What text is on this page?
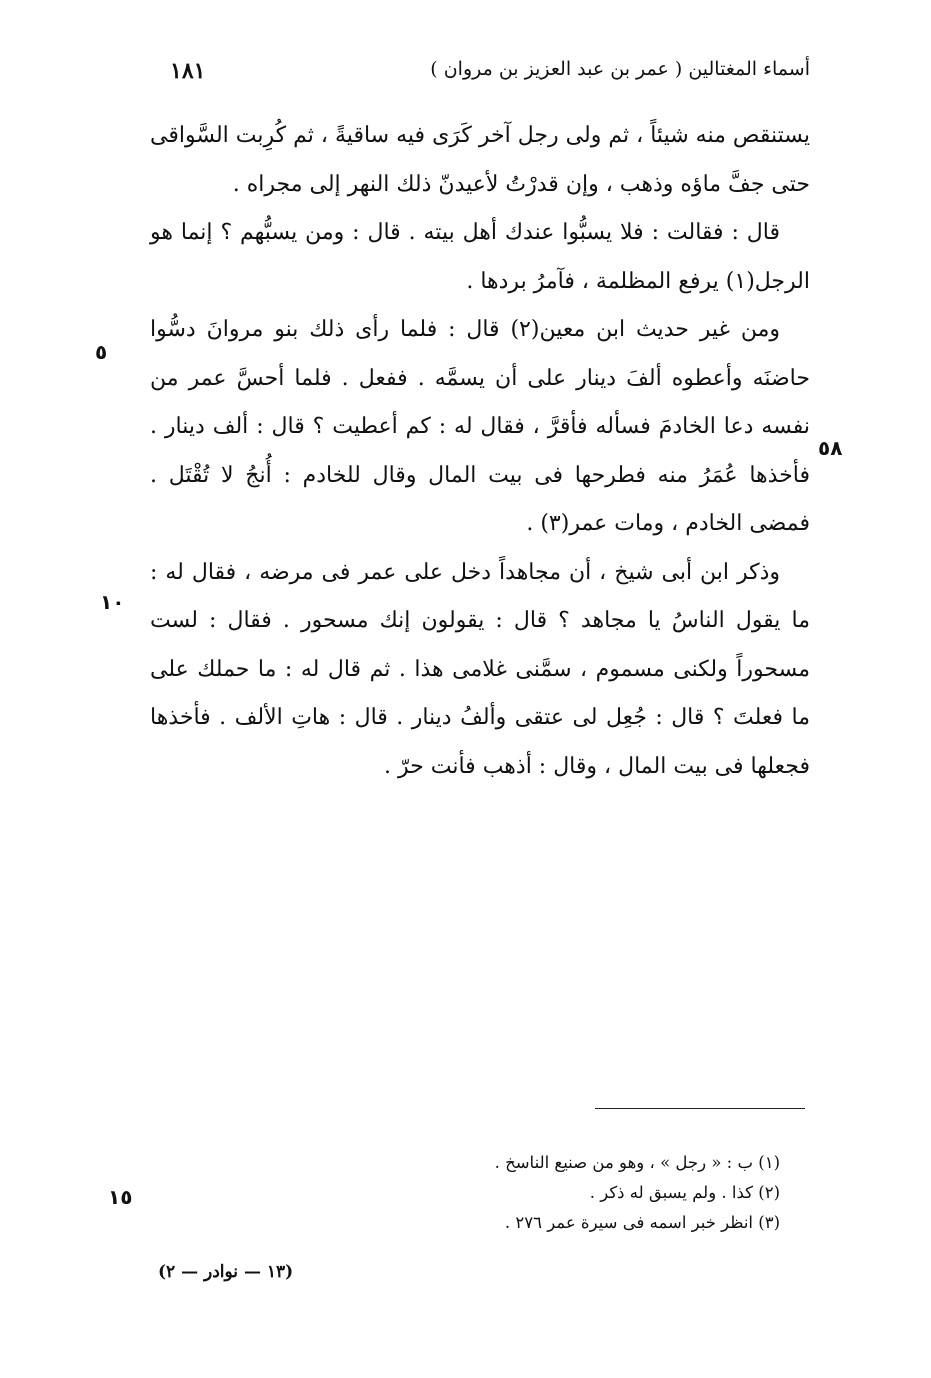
أسماء المغتالين ( عمر بن عبد العزيز بن مروان )
١٨١

يستنقص منه شيئاً ، ثم ولى رجل آخر كَرَى فيه ساقيةً ، ثم كُرِبت السَّواقى حتى جفَّ ماؤه وذهب ، وإن قدرْتُ لأعيدنّ ذلك النهر إلى مجراه .

قال : فقالت : فلا يسبُّوا عندك أهل بيته . قال : ومن يسبُّهم ؟ إنما هو الرجل(١) يرفع المظلمة ، فآمرُ بردها .

ومن غير حديث ابن معين(٢) قال : فلما رأى ذلك بنو مروانَ دسُّوا حاضنَه وأعطوه ألفَ دينار على أن يسمَّه . ففعل . فلما أحسَّ عمر من نفسه دعا الخادمَ فسأله فأقرَّ ، فقال له : كم أعطيت ؟ قال : ألف دينار . فأخذها عُمَرُ منه فطرحها فى بيت المال وقال للخادم : أُنجُ لا تُقْتَل . فمضى الخادم ، ومات عمر(٣) .

وذكر ابن أبى شيخ ، أن مجاهداً دخل على عمر فى مرضه ، فقال له : ما يقول الناسُ يا مجاهد ؟ قال : يقولون إنك مسحور . فقال : لست مسحوراً ولكنى مسموم ، سمَّنى غلامى هذا . ثم قال له : ما حملك على ما فعلتَ ؟ قال : جُعِل لى عتقى وألفُ دينار . قال : هاتِ الألف . فأخذها فجعلها فى بيت المال ، وقال : أذهب فأنت حرّ .

٥
٥٨
١٠
١٥
(١) ب : « رجل » ، وهو من صنيع الناسخ .
(٢) كذا . ولم يسبق له ذكر .
(٣) انظر خبر اسمه فى سيرة عمر ٢٧٦ .
(١٣ — نوادر — ٢)
